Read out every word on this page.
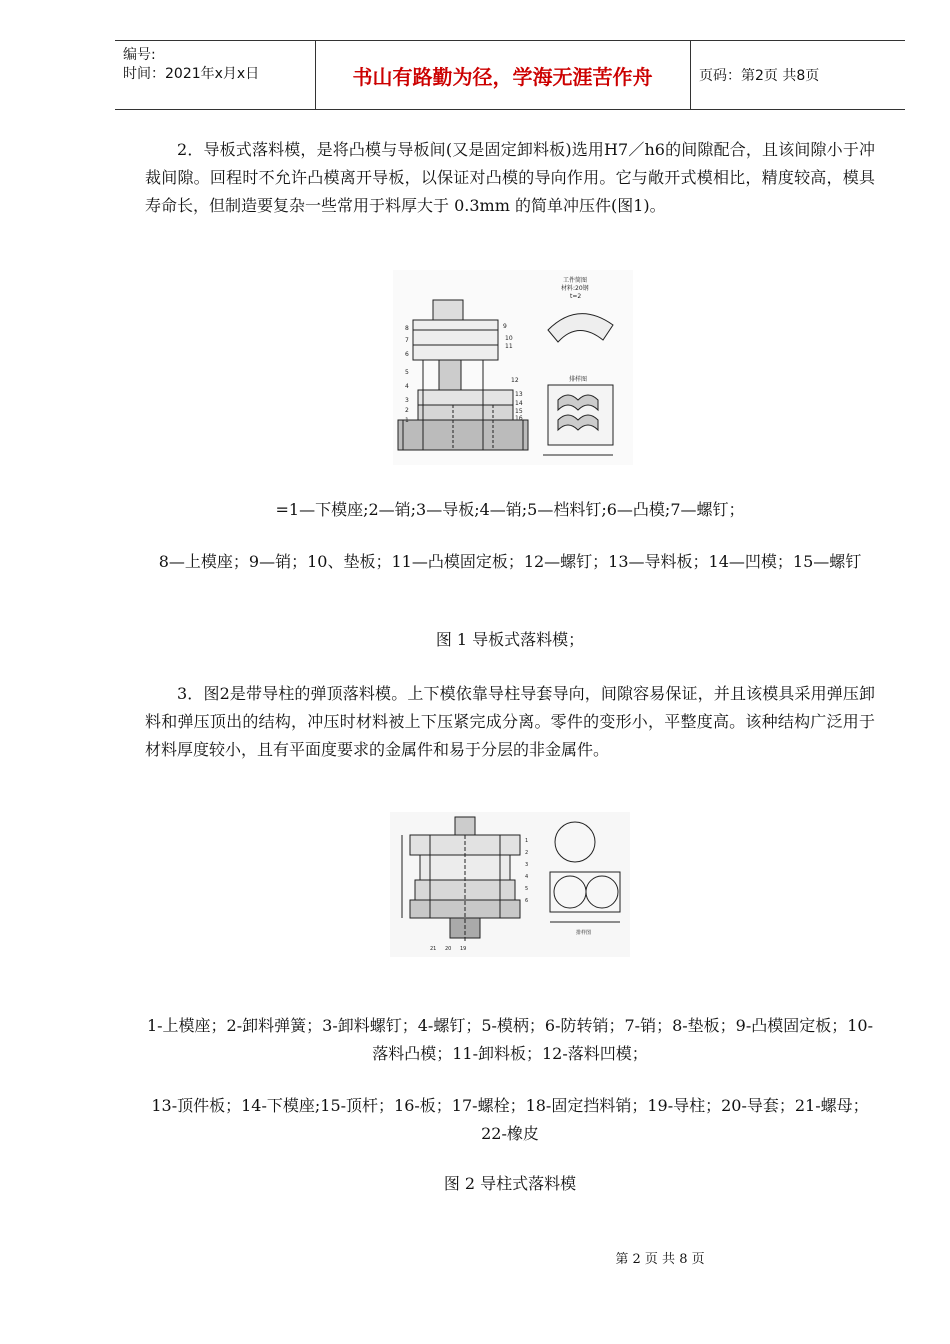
编号:
时间：2021年x月x日	书山有路勤为径，学海无涯苦作舟	页码：第2页 共8页
2．导板式落料模，是将凸模与导板间(又是固定卸料板)选用H7／h6的间隙配合，且该间隙小于冲裁间隙。回程时不允许凸模离开导板，以保证对凸模的导向作用。它与敞开式模相比，精度较高，模具寿命长，但制造要复杂一些常用于料厚大于 0.3mm 的简单冲压件(图1)。
8
7
6
5
4
3
2
1
9
10
11
12
13
14
15
16
工件简图
材料:20钢
t=2
排样图
=1—下模座;2—销;3—导板;4—销;5—档料钉;6—凸模;7—螺钉；
8—上模座；9—销；10、垫板；11—凸模固定板；12—螺钉；13—导料板；14—凹模；15—螺钉
图 1 导板式落料模；
3．图2是带导柱的弹顶落料模。上下模依靠导柱导套导向，间隙容易保证，并且该模具采用弹压卸料和弹压顶出的结构，冲压时材料被上下压紧完成分离。零件的变形小，平整度高。该种结构广泛用于材料厚度较小，且有平面度要求的金属件和易于分层的非金属件。
1
2
3
4
5
6
21 20 19
排样图
1-上模座；2-卸料弹簧；3-卸料螺钉；4-螺钉；5-模柄；6-防转销；7-销；8-垫板；9-凸模固定板；10-落料凸模；11-卸料板；12-落料凹模；
13-顶件板；14-下模座;15-顶杆；16-板；17-螺栓；18-固定挡料销；19-导柱；20-导套；21-螺母；22-橡皮
图 2 导柱式落料模
第 2 页 共 8 页
